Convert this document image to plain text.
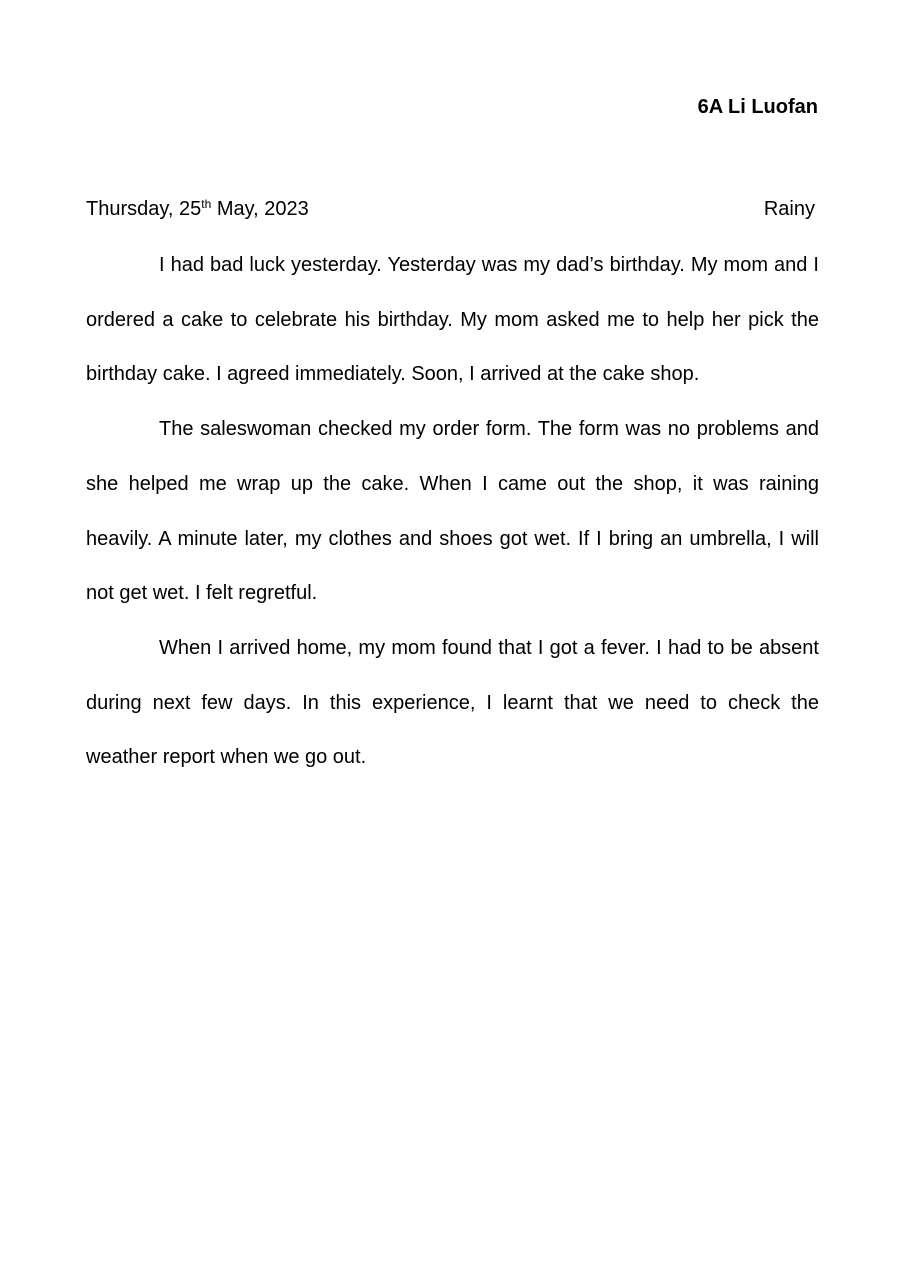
6A Li Luofan
Thursday, 25th May, 2023	Rainy

I had bad luck yesterday. Yesterday was my dad’s birthday. My mom and I ordered a cake to celebrate his birthday. My mom asked me to help her pick the birthday cake. I agreed immediately. Soon, I arrived at the cake shop.

The saleswoman checked my order form. The form was no problems and she helped me wrap up the cake. When I came out the shop, it was raining heavily. A minute later, my clothes and shoes got wet. If I bring an umbrella, I will not get wet. I felt regretful.

When I arrived home, my mom found that I got a fever. I had to be absent during next few days. In this experience, I learnt that we need to check the weather report when we go out.
